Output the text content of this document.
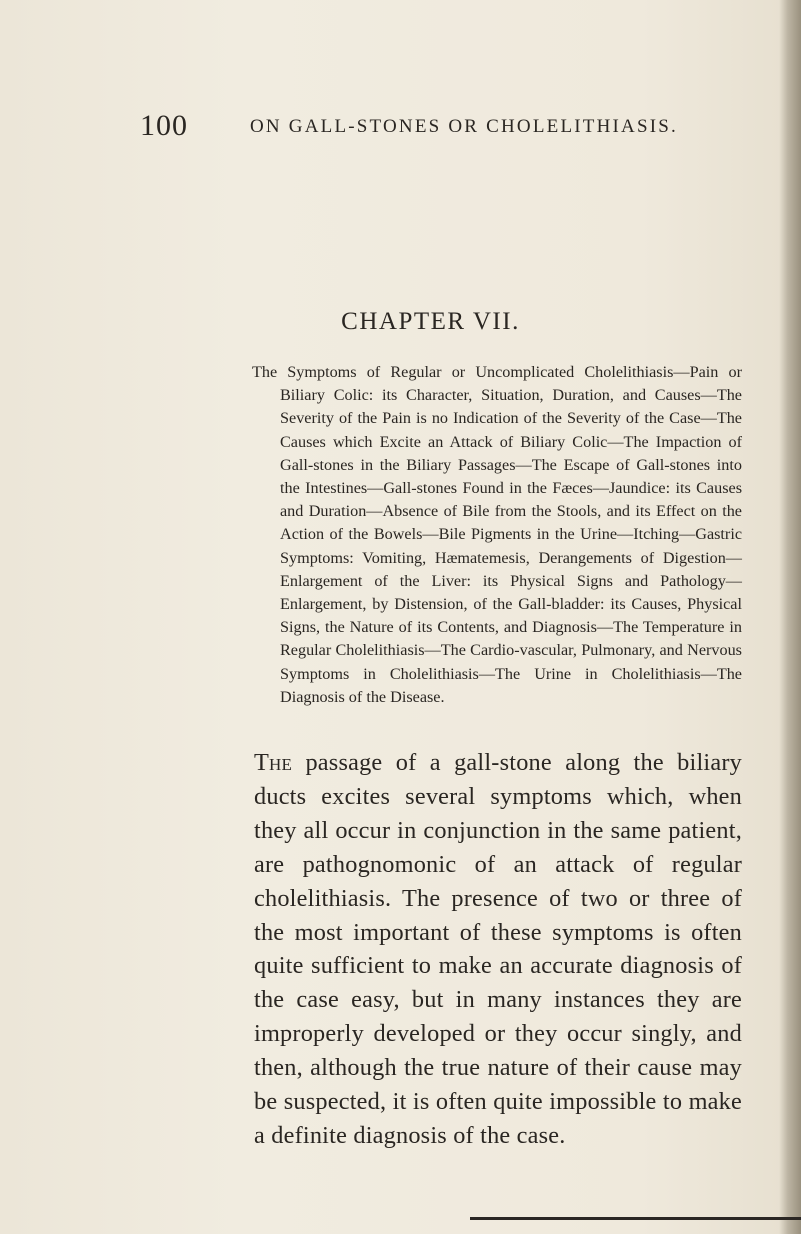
100	ON GALL-STONES OR CHOLELITHIASIS.
CHAPTER VII.

The Symptoms of Regular or Uncomplicated Cholelithiasis—Pain or Biliary Colic: its Character, Situation, Duration, and Causes—The Severity of the Pain is no Indication of the Severity of the Case—The Causes which Excite an Attack of Biliary Colic—The Impaction of Gall-stones in the Biliary Passages—The Escape of Gall-stones into the Intestines—Gall-stones Found in the Fæces—Jaundice: its Causes and Duration—Absence of Bile from the Stools, and its Effect on the Action of the Bowels—Bile Pigments in the Urine—Itching—Gastric Symptoms: Vomiting, Hæmatemesis, Derangements of Digestion—Enlargement of the Liver: its Physical Signs and Pathology—Enlargement, by Distension, of the Gall-bladder: its Causes, Physical Signs, the Nature of its Contents, and Diagnosis—The Temperature in Regular Cholelithiasis—The Cardio-vascular, Pulmonary, and Nervous Symptoms in Cholelithiasis—The Urine in Cholelithiasis—The Diagnosis of the Disease.

The passage of a gall-stone along the biliary ducts excites several symptoms which, when they all occur in conjunction in the same patient, are pathognomonic of an attack of regular cholelithiasis. The presence of two or three of the most important of these symptoms is often quite sufficient to make an accurate diagnosis of the case easy, but in many instances they are improperly developed or they occur singly, and then, although the true nature of their cause may be suspected, it is often quite impossible to make a definite diagnosis of the case.
